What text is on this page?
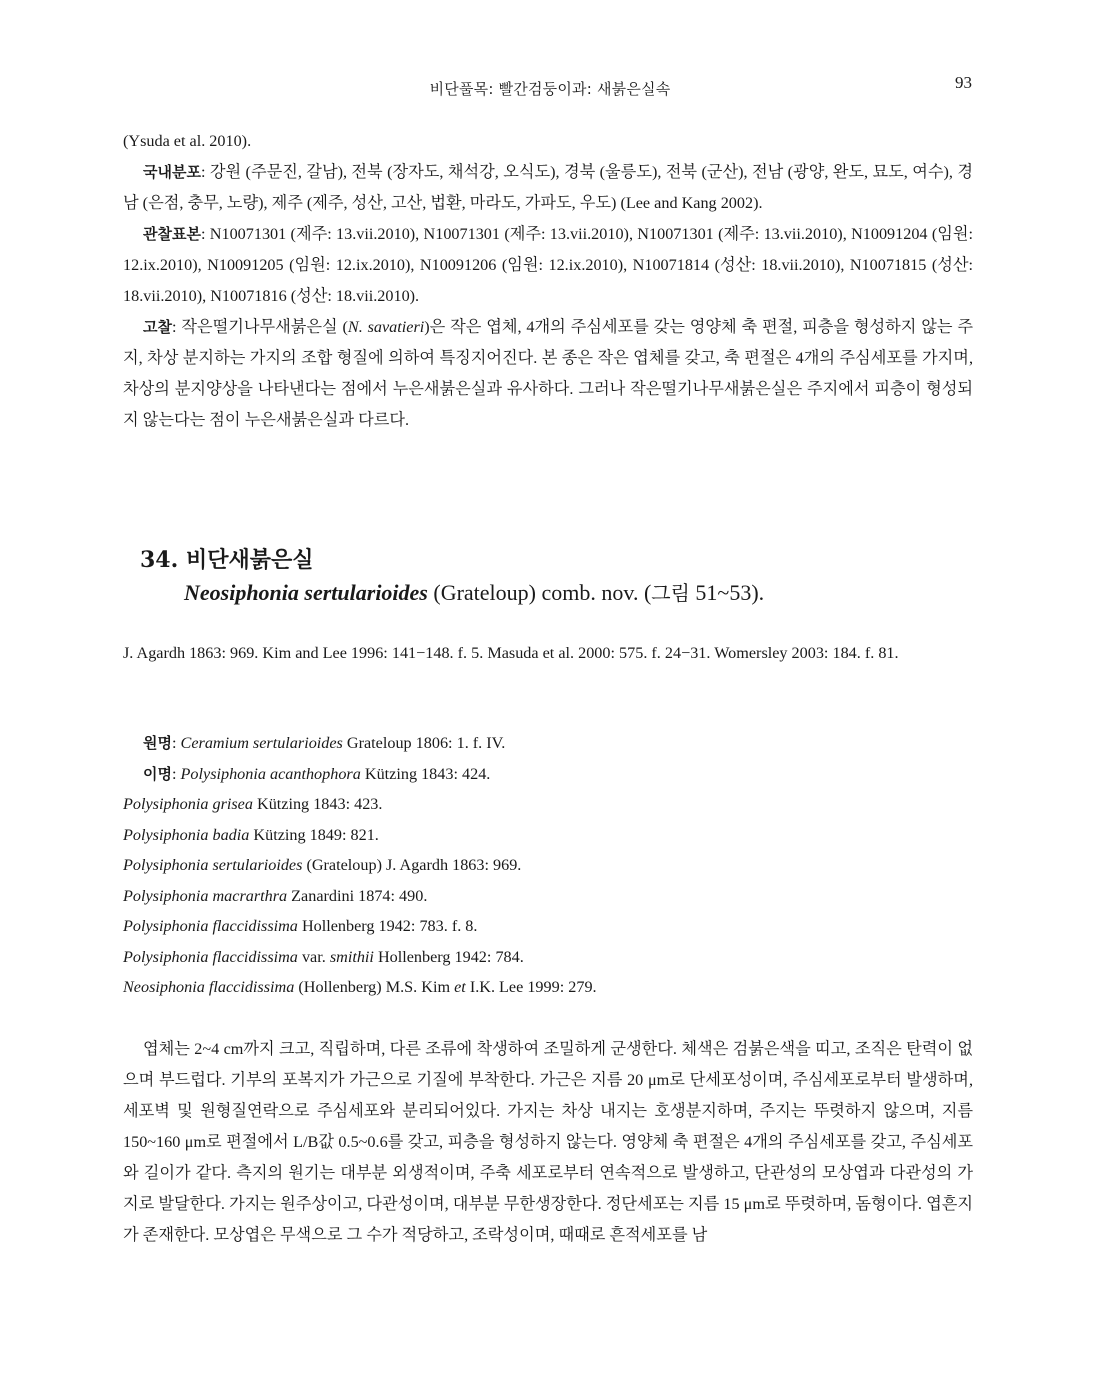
비단풀목: 빨간검둥이과: 새붉은실속	93

(Ysuda et al. 2010).

국내분포: 강원 (주문진, 갈남), 전북 (장자도, 채석강, 오식도), 경북 (울릉도), 전북 (군산), 전남 (광양, 완도, 묘도, 여수), 경남 (은점, 충무, 노량), 제주 (제주, 성산, 고산, 법환, 마라도, 가파도, 우도) (Lee and Kang 2002).

관찰표본: N10071301 (제주: 13.vii.2010), N10071301 (제주: 13.vii.2010), N10071301 (제주: 13.vii.2010), N10091204 (임원: 12.ix.2010), N10091205 (임원: 12.ix.2010), N10091206 (임원: 12.ix.2010), N10071814 (성산: 18.vii.2010), N10071815 (성산: 18.vii.2010), N10071816 (성산: 18.vii.2010).

고찰: 작은떨기나무새붉은실 (N. savatieri)은 작은 엽체, 4개의 주심세포를 갖는 영양체 축 편절, 피층을 형성하지 않는 주지, 차상 분지하는 가지의 조합 형질에 의하여 특징지어진다. 본 종은 작은 엽체를 갖고, 축 편절은 4개의 주심세포를 가지며, 차상의 분지양상을 나타낸다는 점에서 누은새붉은실과 유사하다. 그러나 작은떨기나무새붉은실은 주지에서 피층이 형성되지 않는다는 점이 누은새붉은실과 다르다.

34. 비단새붉은실
Neosiphonia sertularioides (Grateloup) comb. nov. (그림 51~53).

J. Agardh 1863: 969. Kim and Lee 1996: 141−148. f. 5. Masuda et al. 2000: 575. f. 24−31. Womersley 2003: 184. f. 81.

원명: Ceramium sertularioides Grateloup 1806: 1. f. IV.

이명: Polysiphonia acanthophora Kützing 1843: 424.

Polysiphonia grisea Kützing 1843: 423.

Polysiphonia badia Kützing 1849: 821.

Polysiphonia sertularioides (Grateloup) J. Agardh 1863: 969.

Polysiphonia macrarthra Zanardini 1874: 490.

Polysiphonia flaccidissima Hollenberg 1942: 783. f. 8.

Polysiphonia flaccidissima var. smithii Hollenberg 1942: 784.

Neosiphonia flaccidissima (Hollenberg) M.S. Kim et I.K. Lee 1999: 279.

엽체는 2~4 cm까지 크고, 직립하며, 다른 조류에 착생하여 조밀하게 군생한다. 체색은 검붉은색을 띠고, 조직은 탄력이 없으며 부드럽다. 기부의 포복지가 가근으로 기질에 부착한다. 가근은 지름 20 μm로 단세포성이며, 주심세포로부터 발생하며, 세포벽 및 원형질연락으로 주심세포와 분리되어있다. 가지는 차상 내지는 호생분지하며, 주지는 뚜렷하지 않으며, 지름 150~160 μm로 편절에서 L/B값 0.5~0.6를 갖고, 피층을 형성하지 않는다. 영양체 축 편절은 4개의 주심세포를 갖고, 주심세포와 길이가 같다. 측지의 원기는 대부분 외생적이며, 주축 세포로부터 연속적으로 발생하고, 단관성의 모상엽과 다관성의 가지로 발달한다. 가지는 원주상이고, 다관성이며, 대부분 무한생장한다. 정단세포는 지름 15 μm로 뚜렷하며, 돔형이다. 엽흔지가 존재한다. 모상엽은 무색으로 그 수가 적당하고, 조락성이며, 때때로 흔적세포를 남
